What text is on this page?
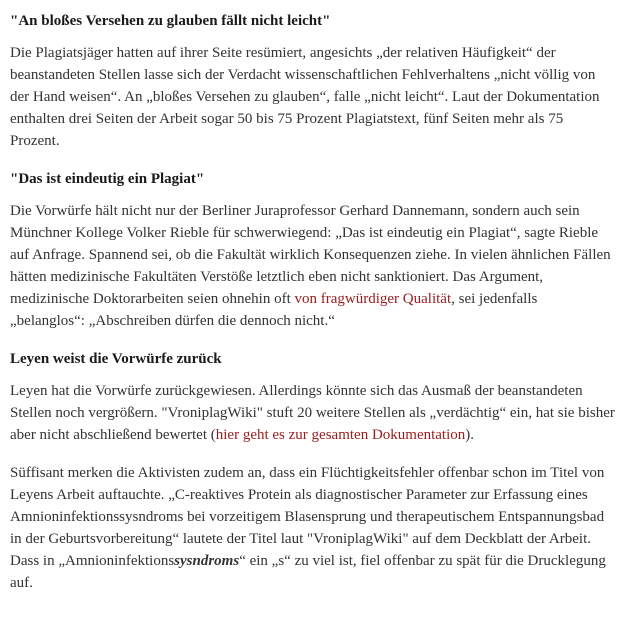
"An bloßes Versehen zu glauben fällt nicht leicht"

Die Plagiatsjäger hatten auf ihrer Seite resümiert, angesichts „der relativen Häufigkeit“ der beanstandeten Stellen lasse sich der Verdacht wissenschaftlichen Fehlverhaltens „nicht völlig von der Hand weisen“. An „bloßes Versehen zu glauben“, falle „nicht leicht“. Laut der Dokumentation enthalten drei Seiten der Arbeit sogar 50 bis 75 Prozent Plagiatstext, fünf Seiten mehr als 75 Prozent.

"Das ist eindeutig ein Plagiat"

Die Vorwürfe hält nicht nur der Berliner Juraprofessor Gerhard Dannemann, sondern auch sein Münchner Kollege Volker Rieble für schwerwiegend: „Das ist eindeutig ein Plagiat“, sagte Rieble auf Anfrage. Spannend sei, ob die Fakultät wirklich Konsequenzen ziehe. In vielen ähnlichen Fällen hätten medizinische Fakultäten Verstöße letztlich eben nicht sanktioniert. Das Argument, medizinische Doktorarbeiten seien ohnehin oft von fragwürdiger Qualität, sei jedenfalls „belanglos“: „Abschreiben dürfen die dennoch nicht.“

Leyen weist die Vorwürfe zurück

Leyen hat die Vorwürfe zurückgewiesen. Allerdings könnte sich das Ausmaß der beanstandeten Stellen noch vergrößern. "VroniplagWiki" stuft 20 weitere Stellen als „verdächtig“ ein, hat sie bisher aber nicht abschließend bewertet (hier geht es zur gesamten Dokumentation).

Süffisant merken die Aktivisten zudem an, dass ein Flüchtigkeitsfehler offenbar schon im Titel von Leyens Arbeit auftauchte. „C-reaktives Protein als diagnostischer Parameter zur Erfassung eines Amnioninfektionssysndroms bei vorzeitigem Blasensprung und therapeutischem Entspannungsbad in der Geburtsvorbereitung“ lautete der Titel laut "VroniplagWiki" auf dem Deckblatt der Arbeit. Dass in „Amnioninfektionssysndroms“ ein „s“ zu viel ist, fiel offenbar zu spät für die Drucklegung auf.
